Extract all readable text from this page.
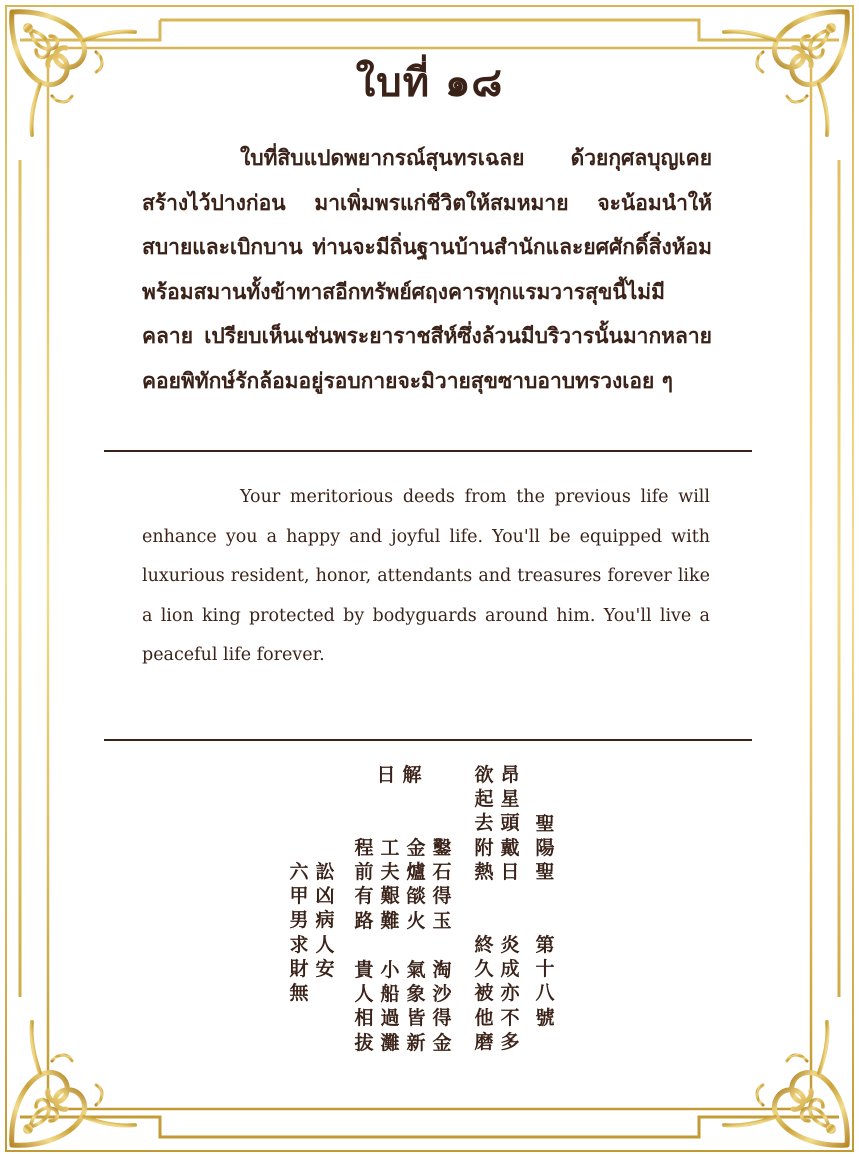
ใบที่ ๑๘
ใบที่สิบแปดพยากรณ์สุนทรเฉลย ด้วยกุศลบุญเคยสร้างไว้ปางก่อน มาเพิ่มพรแก่ชีวิตให้สมหมาย จะน้อมนำให้สบายและเบิกบาน ท่านจะมีถิ่นฐานบ้านสำนักและยศศักดิ์สิ่งห้อมพร้อมสมานทั้งข้าทาสอีกทรัพย์ศฤงคารทุกแรมวารสุขนี้ไม่มีคลาย เปรียบเห็นเช่นพระยาราชสีห์ซึ่งล้วนมีบริวารนั้นมากหลาย คอยพิทักษ์รักล้อมอยู่รอบกายจะมิวายสุขซาบอาบทรวงเอย ๆ
Your meritorious deeds from the previous life will enhance you a happy and joyful life. You'll be equipped with luxurious resident, honor, attendants and treasures forever like a lion king protected by bodyguards around him. You'll live a peaceful life forever.
聖
陽
聖
昂
星
頭
戴
日
欲
起
去
附
熱
鑿
石
得
玉
金
爐
燄
火
工
夫
艱
難
程
前
有
路
訟
凶
病
人
安
六
甲
男
求
財
無
解
日
第
十
八
號
炎
成
亦
不
多
終
久
被
他
磨
淘
沙
得
金
氣
象
皆
新
小
船
過
灘
貴
人
相
拔
